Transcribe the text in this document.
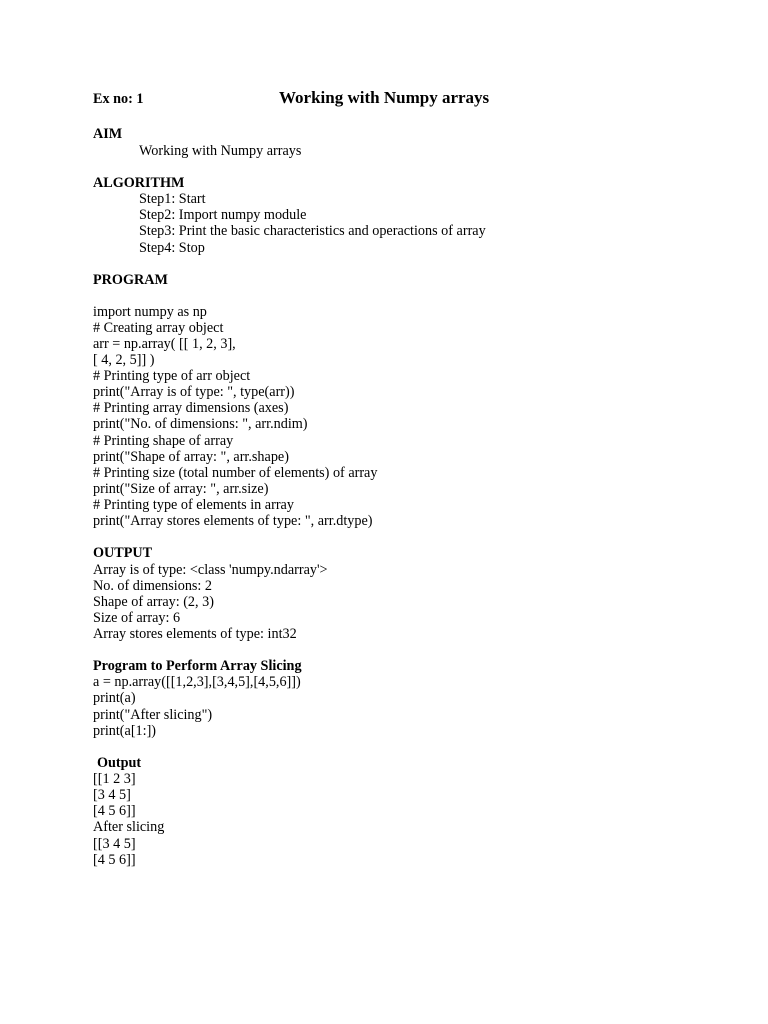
Ex no: 1	Working with Numpy arrays
AIM
Working with Numpy arrays
ALGORITHM
Step1: Start
Step2: Import numpy module
Step3: Print the basic characteristics and operactions of array
Step4: Stop
PROGRAM
import numpy as np
# Creating array object
arr = np.array( [[ 1, 2, 3],
[ 4, 2, 5]] )
# Printing type of arr object
print("Array is of type: ", type(arr))
# Printing array dimensions (axes)
print("No. of dimensions: ", arr.ndim)
# Printing shape of array
print("Shape of array: ", arr.shape)
# Printing size (total number of elements) of array
print("Size of array: ", arr.size)
# Printing type of elements in array
print("Array stores elements of type: ", arr.dtype)
OUTPUT
Array is of type: <class 'numpy.ndarray'>
No. of dimensions: 2
Shape of array: (2, 3)
Size of array: 6
Array stores elements of type: int32
Program to Perform Array Slicing
a = np.array([[1,2,3],[3,4,5],[4,5,6]])
print(a)
print("After slicing")
print(a[1:])
Output
[[1 2 3]
[3 4 5]
[4 5 6]]
After slicing
[[3 4 5]
[4 5 6]]
